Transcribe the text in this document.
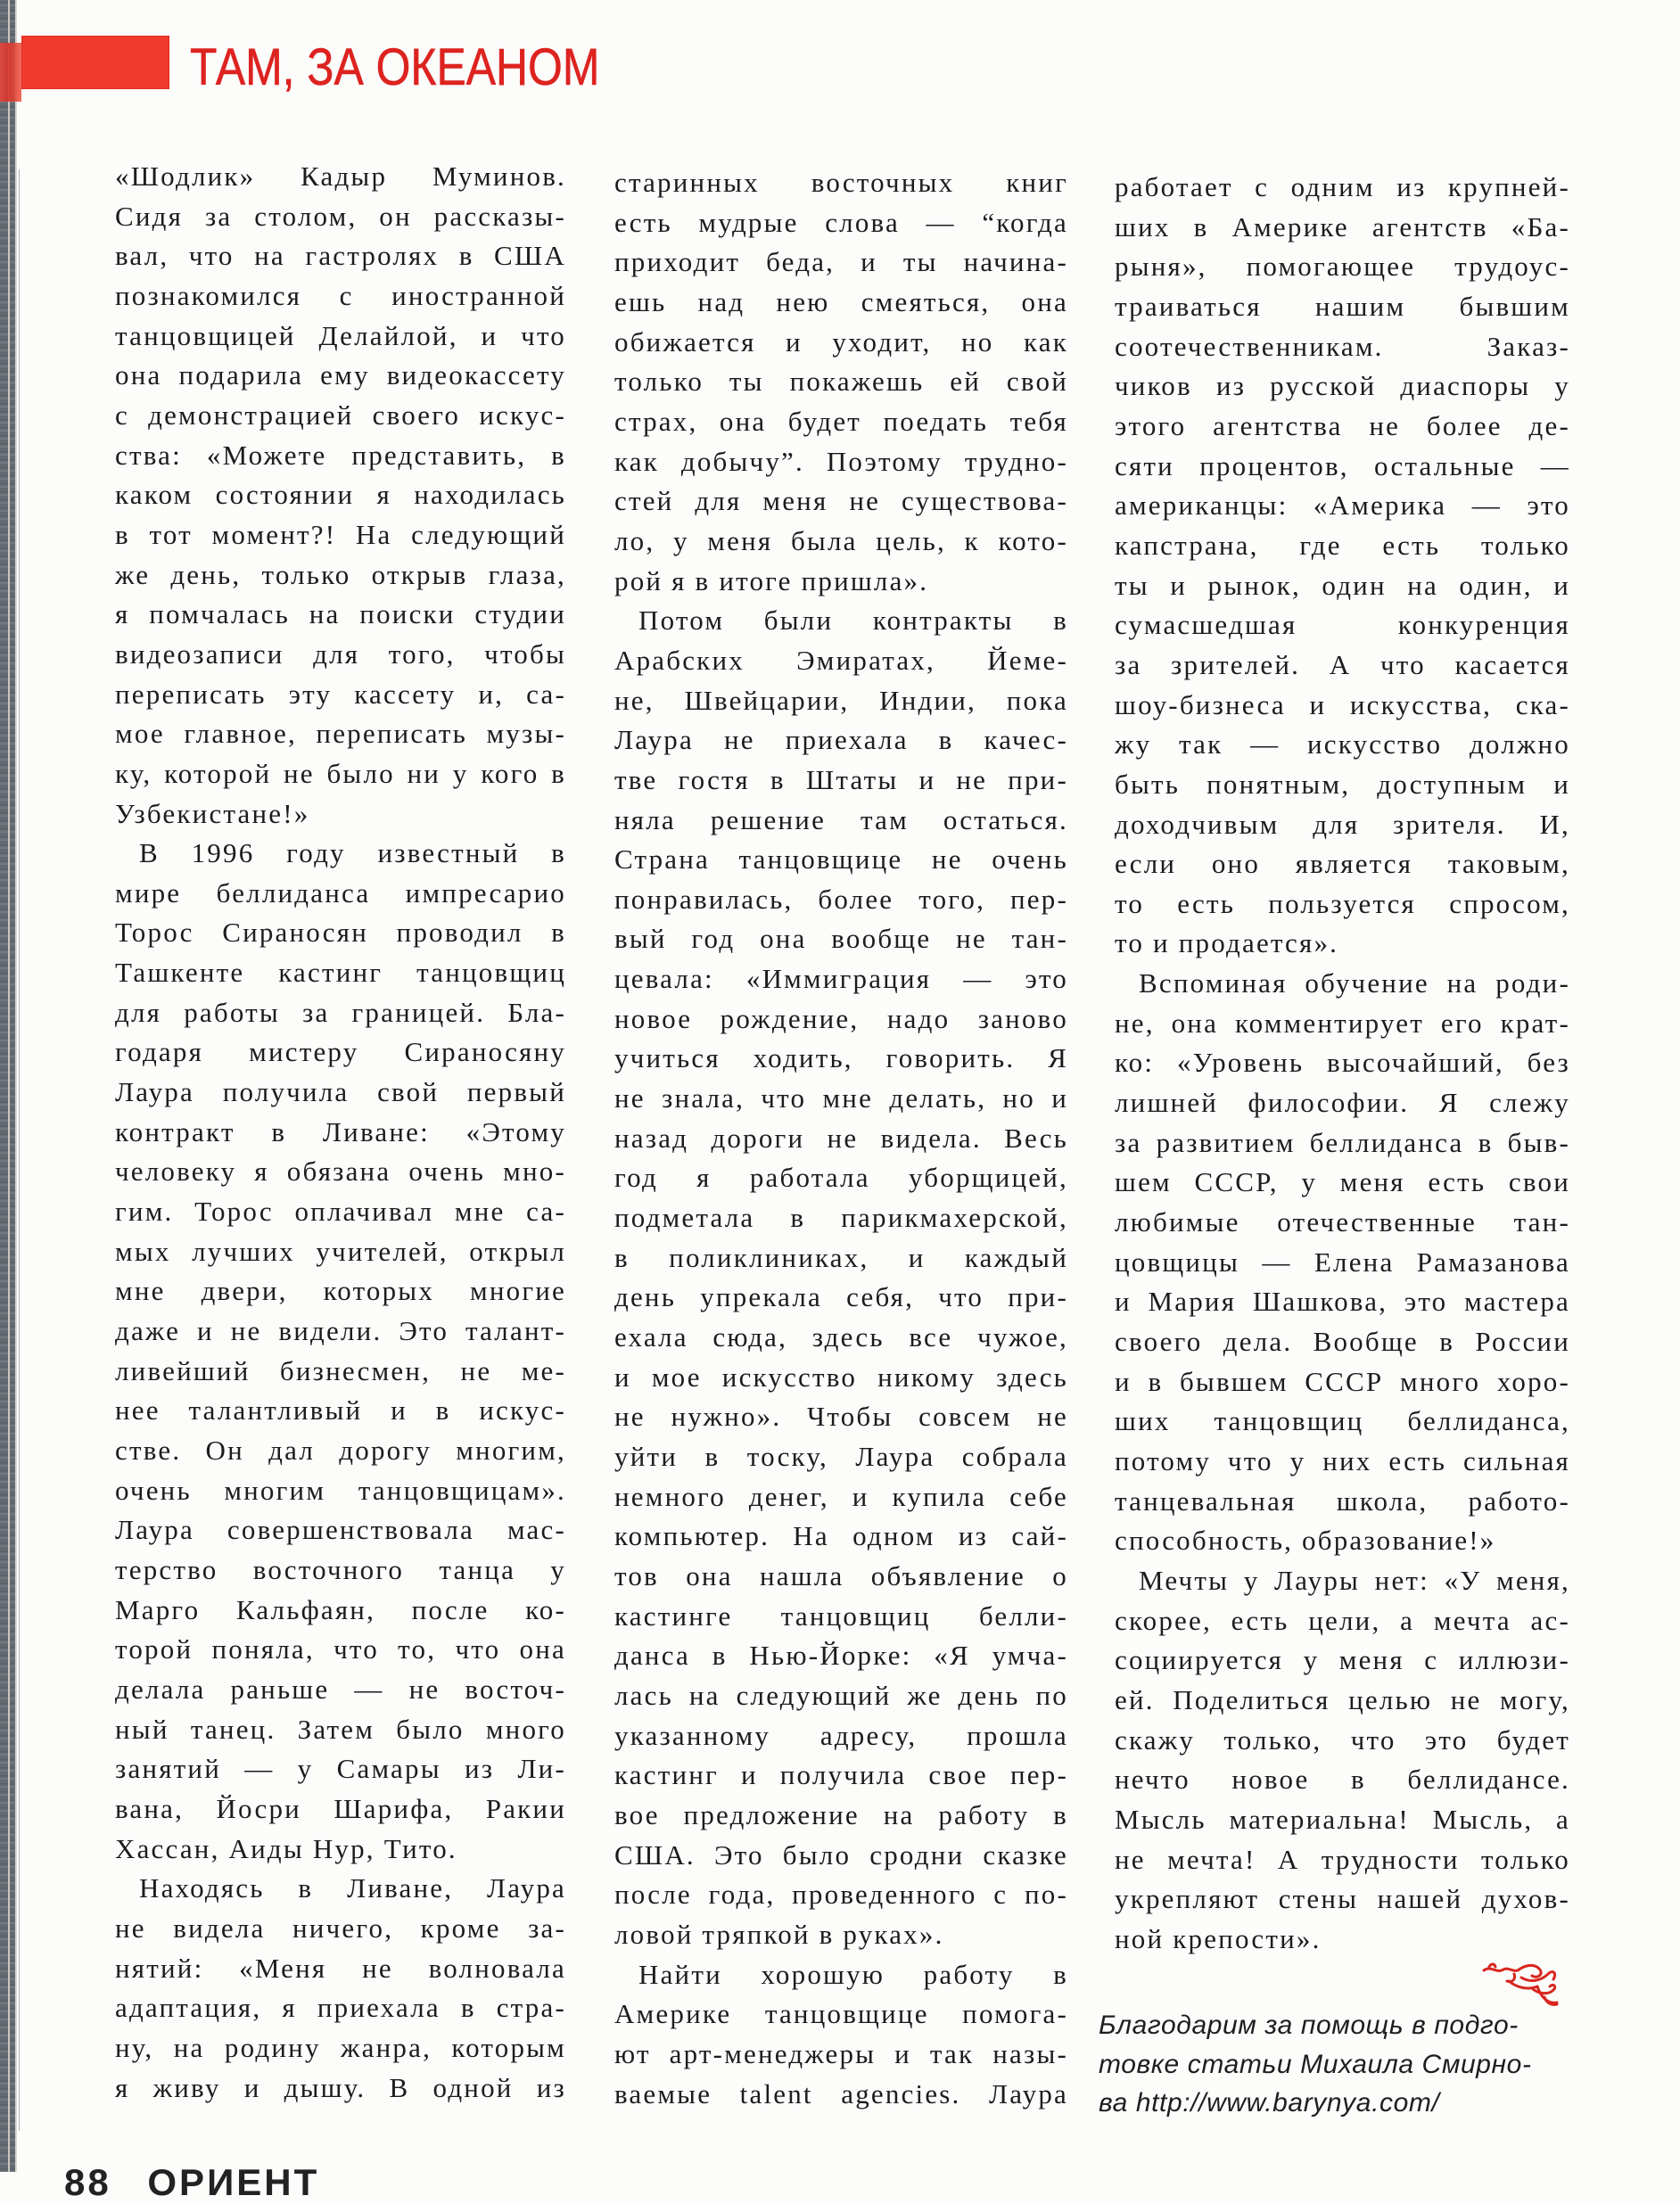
ТАМ, ЗА ОКЕАНОМ
«Шодлик» Кадыр Муминов.
Сидя за столом, он рассказы-
вал, что на гастролях в США
познакомился с иностранной
танцовщицей Делайлой, и что
она подарила ему видеокассету
с демонстрацией своего искус-
ства: «Можете представить, в
каком состоянии я находилась
в тот момент?! На следующий
же день, только открыв глаза,
я помчалась на поиски студии
видеозаписи для того, чтобы
переписать эту кассету и, са-
мое главное, переписать музы-
ку, которой не было ни у кого в
Узбекистане!»
В 1996 году известный в
мире беллиданса импресарио
Торос Сираносян проводил в
Ташкенте кастинг танцовщиц
для работы за границей. Бла-
годаря мистеру Сираносяну
Лаура получила свой первый
контракт в Ливане: «Этому
человеку я обязана очень мно-
гим. Торос оплачивал мне са-
мых лучших учителей, открыл
мне двери, которых многие
даже и не видели. Это талант-
ливейший бизнесмен, не ме-
нее талантливый и в искус-
стве. Он дал дорогу многим,
очень многим танцовщицам».
Лаура совершенствовала мас-
терство восточного танца у
Марго Кальфаян, после ко-
торой поняла, что то, что она
делала раньше — не восточ-
ный танец. Затем было много
занятий — у Самары из Ли-
вана, Йосри Шарифа, Ракии
Хассан, Аиды Нур, Тито.
Находясь в Ливане, Лаура
не видела ничего, кроме за-
нятий: «Меня не волновала
адаптация, я приехала в стра-
ну, на родину жанра, которым
я живу и дышу. В одной из
старинных восточных книг
есть мудрые слова — “когда
приходит беда, и ты начина-
ешь над нею смеяться, она
обижается и уходит, но как
только ты покажешь ей свой
страх, она будет поедать тебя
как добычу”. Поэтому трудно-
стей для меня не существова-
ло, у меня была цель, к кото-
рой я в итоге пришла».
Потом были контракты в
Арабских Эмиратах, Йеме-
не, Швейцарии, Индии, пока
Лаура не приехала в качес-
тве гостя в Штаты и не при-
няла решение там остаться.
Страна танцовщице не очень
понравилась, более того, пер-
вый год она вообще не тан-
цевала: «Иммиграция — это
новое рождение, надо заново
учиться ходить, говорить. Я
не знала, что мне делать, но и
назад дороги не видела. Весь
год я работала уборщицей,
подметала в парикмахерской,
в поликлиниках, и каждый
день упрекала себя, что при-
ехала сюда, здесь все чужое,
и мое искусство никому здесь
не нужно». Чтобы совсем не
уйти в тоску, Лаура собрала
немного денег, и купила себе
компьютер. На одном из сай-
тов она нашла объявление о
кастинге танцовщиц белли-
данса в Нью-Йорке: «Я умча-
лась на следующий же день по
указанному адресу, прошла
кастинг и получила свое пер-
вое предложение на работу в
США. Это было сродни сказке
после года, проведенного с по-
ловой тряпкой в руках».
Найти хорошую работу в
Америке танцовщице помога-
ют арт-менеджеры и так назы-
ваемые talent agencies. Лаура
работает с одним из крупней-
ших в Америке агентств «Ба-
рыня», помогающее трудоус-
траиваться нашим бывшим
соотечественникам. Заказ-
чиков из русской диаспоры у
этого агентства не более де-
сяти процентов, остальные —
американцы: «Америка — это
капстрана, где есть только
ты и рынок, один на один, и
сумасшедшая конкуренция
за зрителей. А что касается
шоу-бизнеса и искусства, ска-
жу так — искусство должно
быть понятным, доступным и
доходчивым для зрителя. И,
если оно является таковым,
то есть пользуется спросом,
то и продается».
Вспоминая обучение на роди-
не, она комментирует его крат-
ко: «Уровень высочайший, без
лишней философии. Я слежу
за развитием беллиданса в быв-
шем СССР, у меня есть свои
любимые отечественные тан-
цовщицы — Елена Рамазанова
и Мария Шашкова, это мастера
своего дела. Вообще в России
и в бывшем СССР много хоро-
ших танцовщиц беллиданса,
потому что у них есть сильная
танцевальная школа, работо-
способность, образование!»
Мечты у Лауры нет: «У меня,
скорее, есть цели, а мечта ас-
социируется у меня с иллюзи-
ей. Поделиться целью не могу,
скажу только, что это будет
нечто новое в беллидансе.
Мысль материальна! Мысль, а
не мечта! А трудности только
укрепляют стены нашей духов-
ной крепости».
Благодарим за помощь в подго-
товке статьи Михаила Смирно-
ва http://www.barynya.com/
88 ОРИЕНТ
